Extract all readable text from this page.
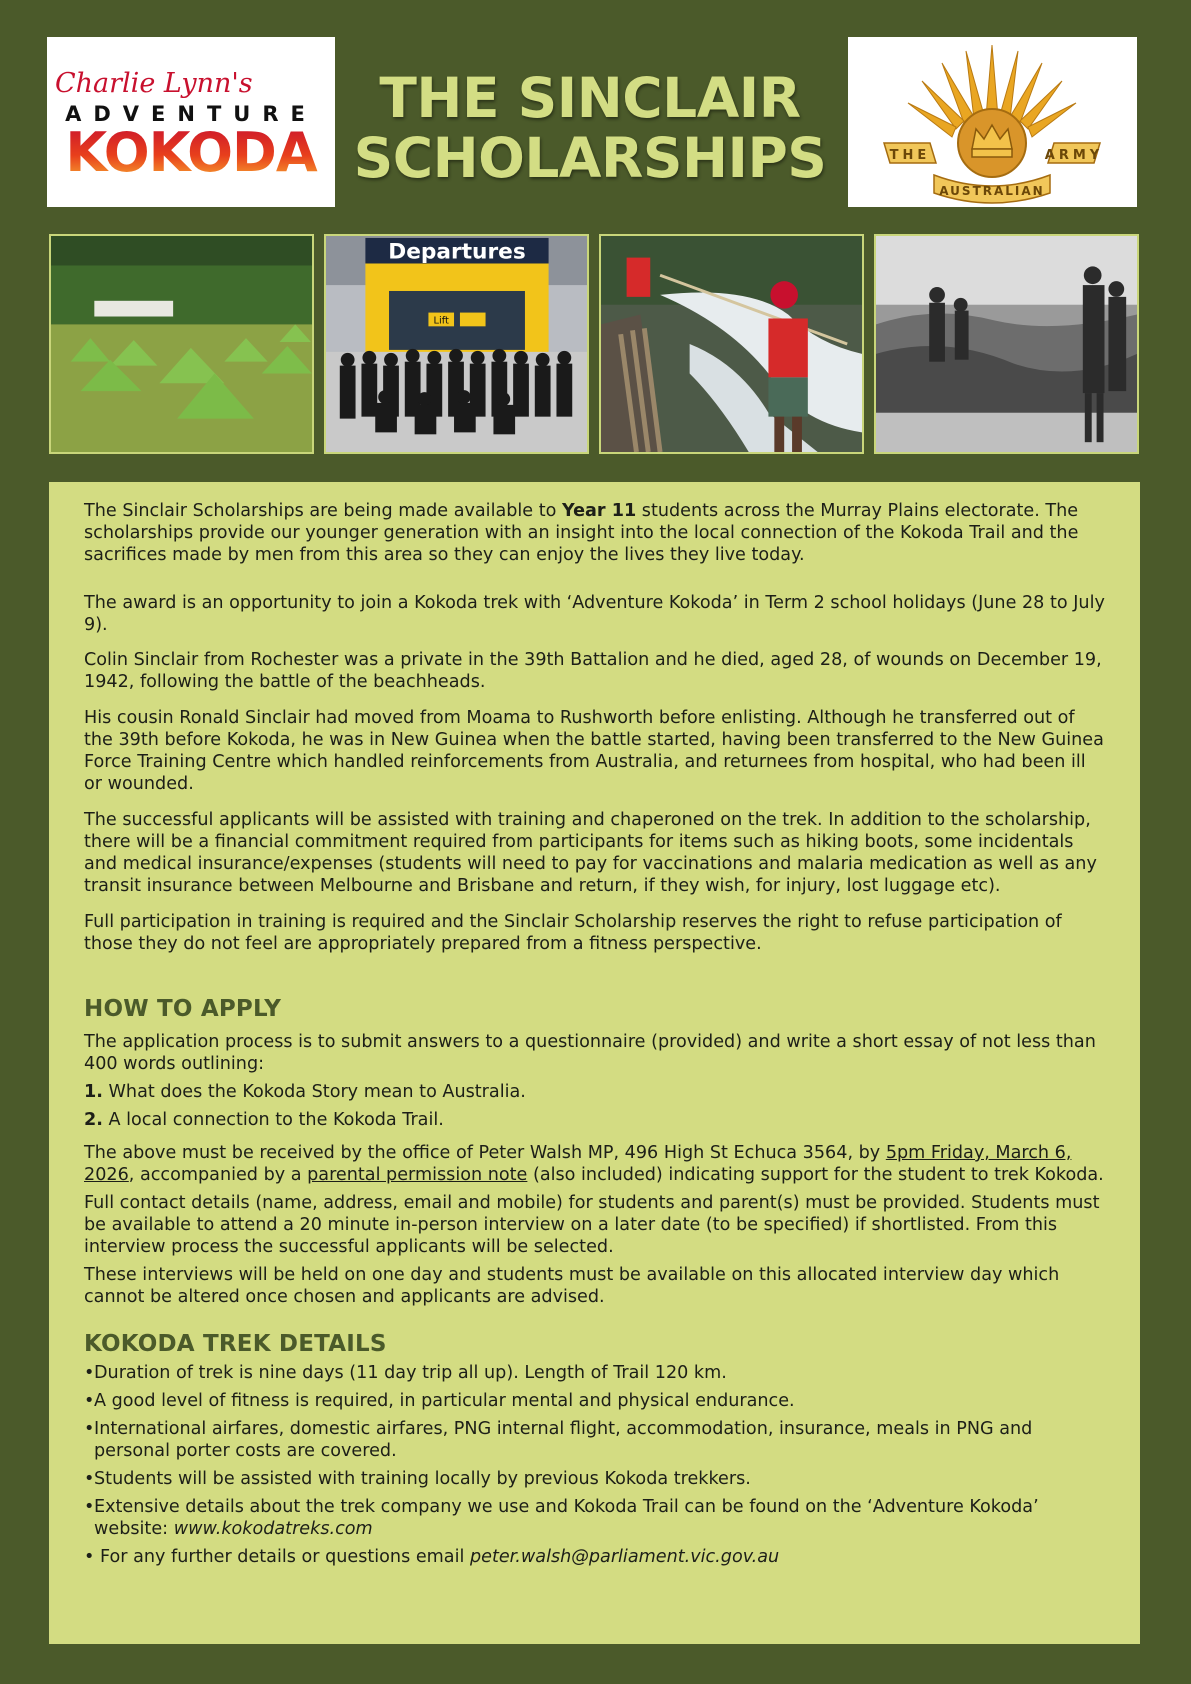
Charlie Lynn's
ADVENTURE
KOKODA
THE SINCLAIR
SCHOLARSHIPS	THE	ARMY
AUSTRALIAN
Departures
Lift

The Sinclair Scholarships are being made available to Year 11 students across the Murray Plains electorate. The scholarships provide our younger generation with an insight into the local connection of the Kokoda Trail and the sacrifices made by men from this area so they can enjoy the lives they live today.

The award is an opportunity to join a Kokoda trek with ‘Adventure Kokoda’ in Term 2 school holidays (June 28 to July 9).

Colin Sinclair from Rochester was a private in the 39th Battalion and he died, aged 28, of wounds on December 19, 1942, following the battle of the beachheads.

His cousin Ronald Sinclair had moved from Moama to Rushworth before enlisting. Although he transferred out of the 39th before Kokoda, he was in New Guinea when the battle started, having been transferred to the New Guinea Force Training Centre which handled reinforcements from Australia, and returnees from hospital, who had been ill or wounded.

The successful applicants will be assisted with training and chaperoned on the trek. In addition to the scholarship, there will be a financial commitment required from participants for items such as hiking boots, some incidentals and medical insurance/expenses (students will need to pay for vaccinations and malaria medication as well as any transit insurance between Melbourne and Brisbane and return, if they wish, for injury, lost luggage etc).

Full participation in training is required and the Sinclair Scholarship reserves the right to refuse participation of those they do not feel are appropriately prepared from a fitness perspective.

HOW TO APPLY

The application process is to submit answers to a questionnaire (provided) and write a short essay of not less than 400 words outlining:

1. What does the Kokoda Story mean to Australia.

2. A local connection to the Kokoda Trail.

The above must be received by the office of Peter Walsh MP, 496 High St Echuca 3564, by 5pm Friday, March 6, 2026, accompanied by a parental permission note (also included) indicating support for the student to trek Kokoda.

Full contact details (name, address, email and mobile) for students and parent(s) must be provided. Students must be available to attend a 20 minute in-person interview on a later date (to be specified) if shortlisted. From this interview process the successful applicants will be selected.

These interviews will be held on one day and students must be available on this allocated interview day which cannot be altered once chosen and applicants are advised.

KOKODA TREK DETAILS

• Duration of trek is nine days (11 day trip all up). Length of Trail 120 km.
• A good level of fitness is required, in particular mental and physical endurance.
• International airfares, domestic airfares, PNG internal flight, accommodation, insurance, meals in PNG and personal porter costs are covered.
• Students will be assisted with training locally by previous Kokoda trekkers.
• Extensive details about the trek company we use and Kokoda Trail can be found on the ‘Adventure Kokoda’ website: www.kokodatreks.com
• For any further details or questions email peter.walsh@parliament.vic.gov.au
